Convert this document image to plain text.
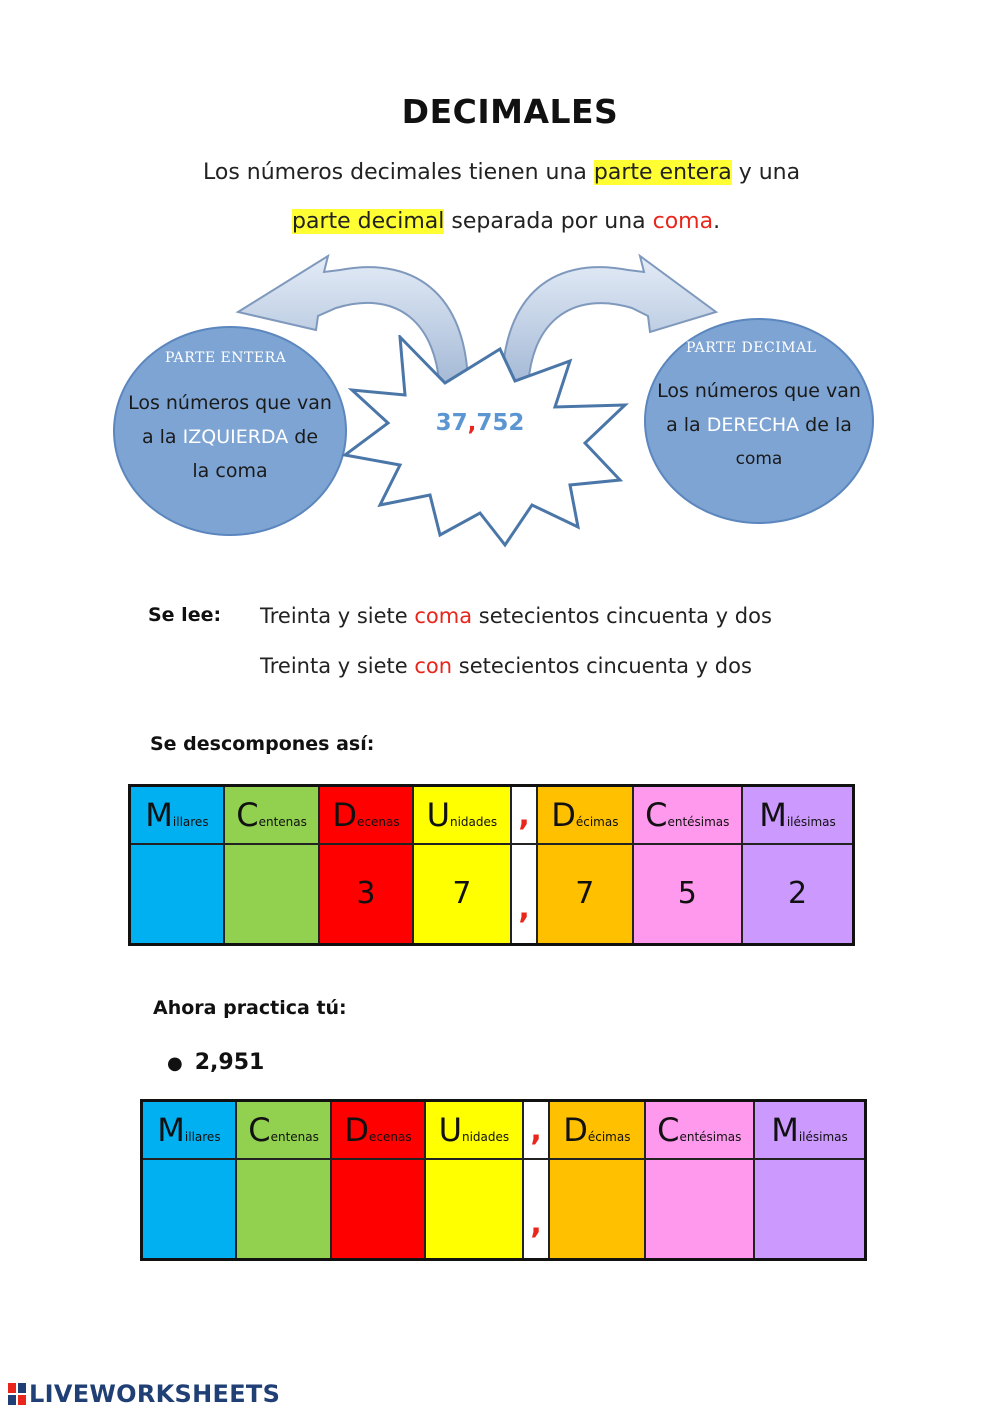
DECIMALES
Los números decimales tienen una parte entera y una
parte decimal separada por una coma.
PARTE ENTERA
Los números que van
a la IZQUIERDA de
la coma
PARTE DECIMAL
Los números que van
a la DERECHA de la
coma
37,752
Se lee: Treinta y siete coma setecientos cincuenta y dos
Treinta y siete con setecientos cincuenta y dos
Se descompones así:
Millares	Centenas	Decenas	Unidades	,	Décimas	Centésimas	Milésimas
		3	7	,	7	5	2
Ahora practica tú:
● 2,951
Millares	Centenas	Decenas	Unidades	,	Décimas	Centésimas	Milésimas
				,			
LIVEWORKSHEETS
